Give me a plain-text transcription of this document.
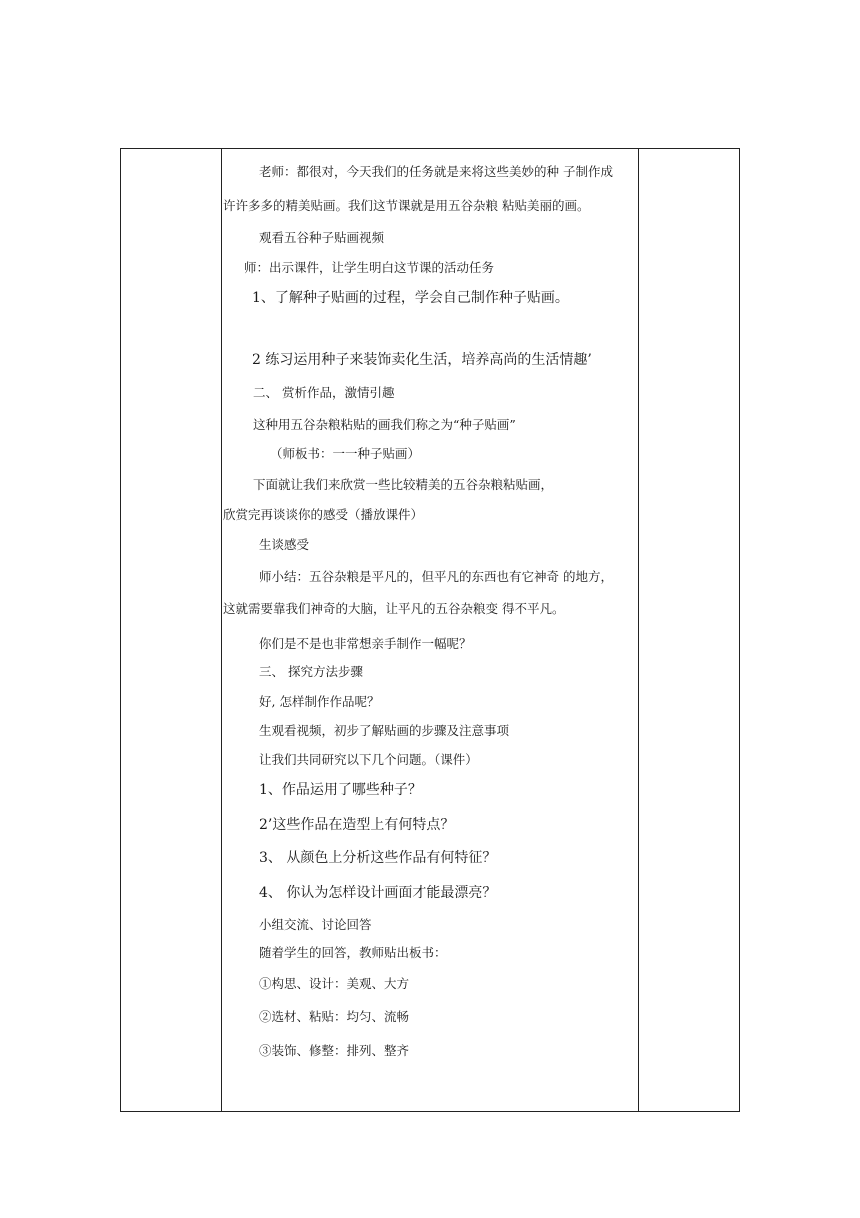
老师：都很对，今天我们的任务就是来将这些美妙的种 子制作成
许许多多的精美贴画。我们这节课就是用五谷杂粮 粘贴美丽的画。
观看五谷种子贴画视频
师：出示课件，让学生明白这节课的活动任务
1、了解种子贴画的过程，学会自己制作种子贴画。
2 练习运用种子来装饰卖化生活，培养高尚的生活情趣’
二、 赏析作品，激情引趣
这种用五谷杂粮粘贴的画我们称之为“种子贴画”
（师板书：一一种子贴画）
下面就让我们来欣赏一些比较精美的五谷杂粮粘贴画，
欣赏完再谈谈你的感受（播放课件）
生谈感受
师小结：五谷杂粮是平凡的，但平凡的东西也有它神奇 的地方，
这就需要靠我们神奇的大脑，让平凡的五谷杂粮变 得不平凡。
你们是不是也非常想亲手制作一幅呢？
三、 探究方法步骤
好, 怎样制作作品呢？
生观看视频，初步了解贴画的步骤及注意事项
让我们共同研究以下几个问题。（课件）
1、作品运用了哪些种子？
2’这些作品在造型上有何特点？
3、 从颜色上分析这些作品有何特征？
4、 你认为怎样设计画面才能最漂亮？
小组交流、讨论回答
随着学生的回答，教师贴出板书：
①构思、设计：美观、大方
②选材、粘贴：均匀、流畅
③装饰、修整：排列、整齐
